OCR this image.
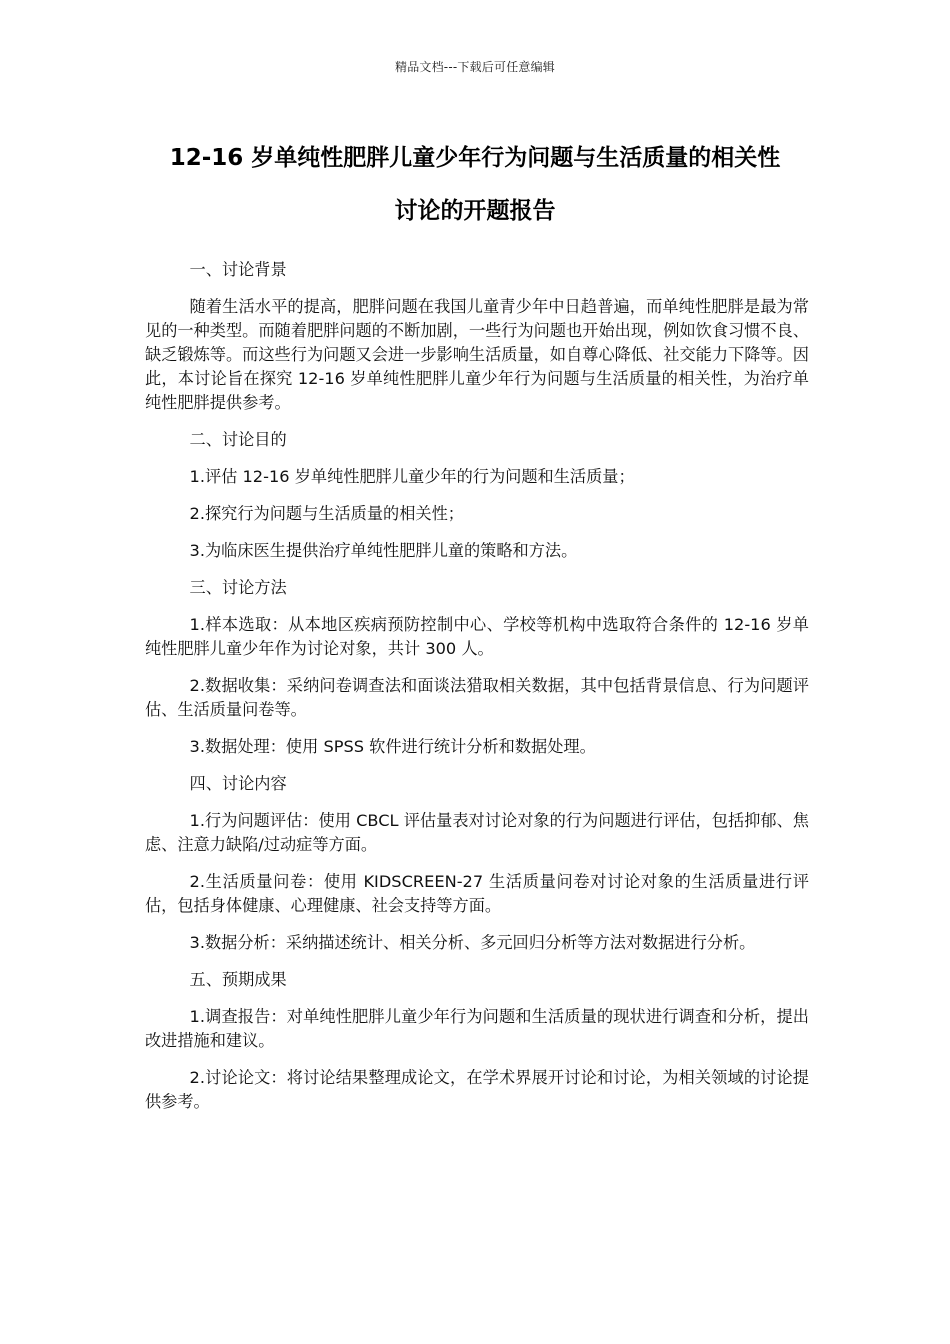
精品文档---下载后可任意编辑
12-16 岁单纯性肥胖儿童少年行为问题与生活质量的相关性
讨论的开题报告

一、讨论背景

随着生活水平的提高，肥胖问题在我国儿童青少年中日趋普遍，而单纯性肥胖是最为常见的一种类型。而随着肥胖问题的不断加剧，一些行为问题也开始出现，例如饮食习惯不良、缺乏锻炼等。而这些行为问题又会进一步影响生活质量，如自尊心降低、社交能力下降等。因此，本讨论旨在探究 12-16 岁单纯性肥胖儿童少年行为问题与生活质量的相关性，为治疗单纯性肥胖提供参考。

二、讨论目的

1.评估 12-16 岁单纯性肥胖儿童少年的行为问题和生活质量；

2.探究行为问题与生活质量的相关性；

3.为临床医生提供治疗单纯性肥胖儿童的策略和方法。

三、讨论方法

1.样本选取：从本地区疾病预防控制中心、学校等机构中选取符合条件的 12-16 岁单纯性肥胖儿童少年作为讨论对象，共计 300 人。

2.数据收集：采纳问卷调查法和面谈法猎取相关数据，其中包括背景信息、行为问题评估、生活质量问卷等。

3.数据处理：使用 SPSS 软件进行统计分析和数据处理。

四、讨论内容

1.行为问题评估：使用 CBCL 评估量表对讨论对象的行为问题进行评估，包括抑郁、焦虑、注意力缺陷/过动症等方面。

2.生活质量问卷：使用 KIDSCREEN-27 生活质量问卷对讨论对象的生活质量进行评估，包括身体健康、心理健康、社会支持等方面。

3.数据分析：采纳描述统计、相关分析、多元回归分析等方法对数据进行分析。

五、预期成果

1.调查报告：对单纯性肥胖儿童少年行为问题和生活质量的现状进行调查和分析，提出改进措施和建议。

2.讨论论文：将讨论结果整理成论文，在学术界展开讨论和讨论，为相关领域的讨论提供参考。
